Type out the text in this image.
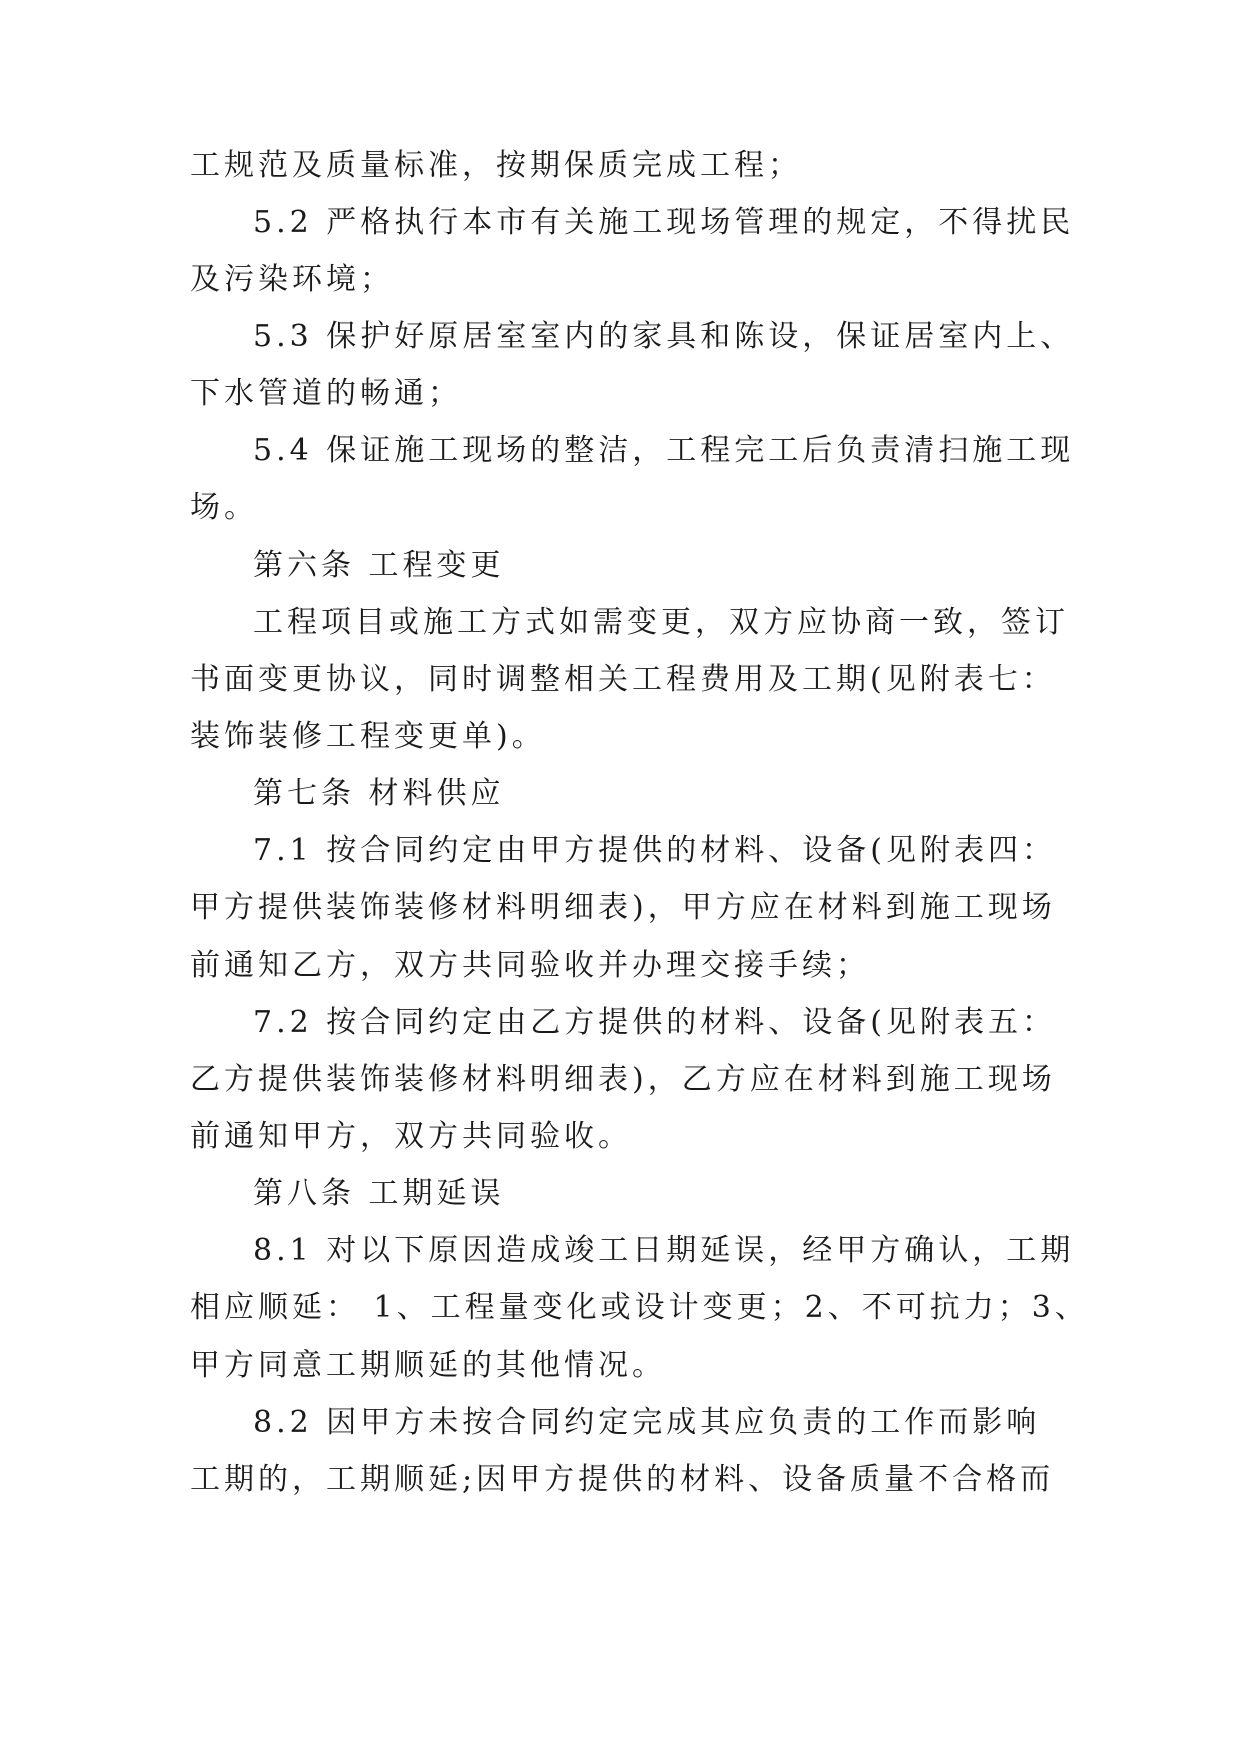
工规范及质量标准，按期保质完成工程；
5.2 严格执行本市有关施工现场管理的规定，不得扰民
及污染环境；
5.3 保护好原居室室内的家具和陈设，保证居室内上、
下水管道的畅通；
5.4 保证施工现场的整洁，工程完工后负责清扫施工现
场。
第六条 工程变更
工程项目或施工方式如需变更，双方应协商一致，签订
书面变更协议，同时调整相关工程费用及工期(见附表七：
装饰装修工程变更单)。
第七条 材料供应
7.1 按合同约定由甲方提供的材料、设备(见附表四：
甲方提供装饰装修材料明细表)，甲方应在材料到施工现场
前通知乙方，双方共同验收并办理交接手续；
7.2 按合同约定由乙方提供的材料、设备(见附表五：
乙方提供装饰装修材料明细表)，乙方应在材料到施工现场
前通知甲方，双方共同验收。
第八条 工期延误
8.1 对以下原因造成竣工日期延误，经甲方确认，工期
相应顺延： 1、工程量变化或设计变更；2、不可抗力；3、
甲方同意工期顺延的其他情况。
8.2 因甲方未按合同约定完成其应负责的工作而影响
工期的，工期顺延;因甲方提供的材料、设备质量不合格而
